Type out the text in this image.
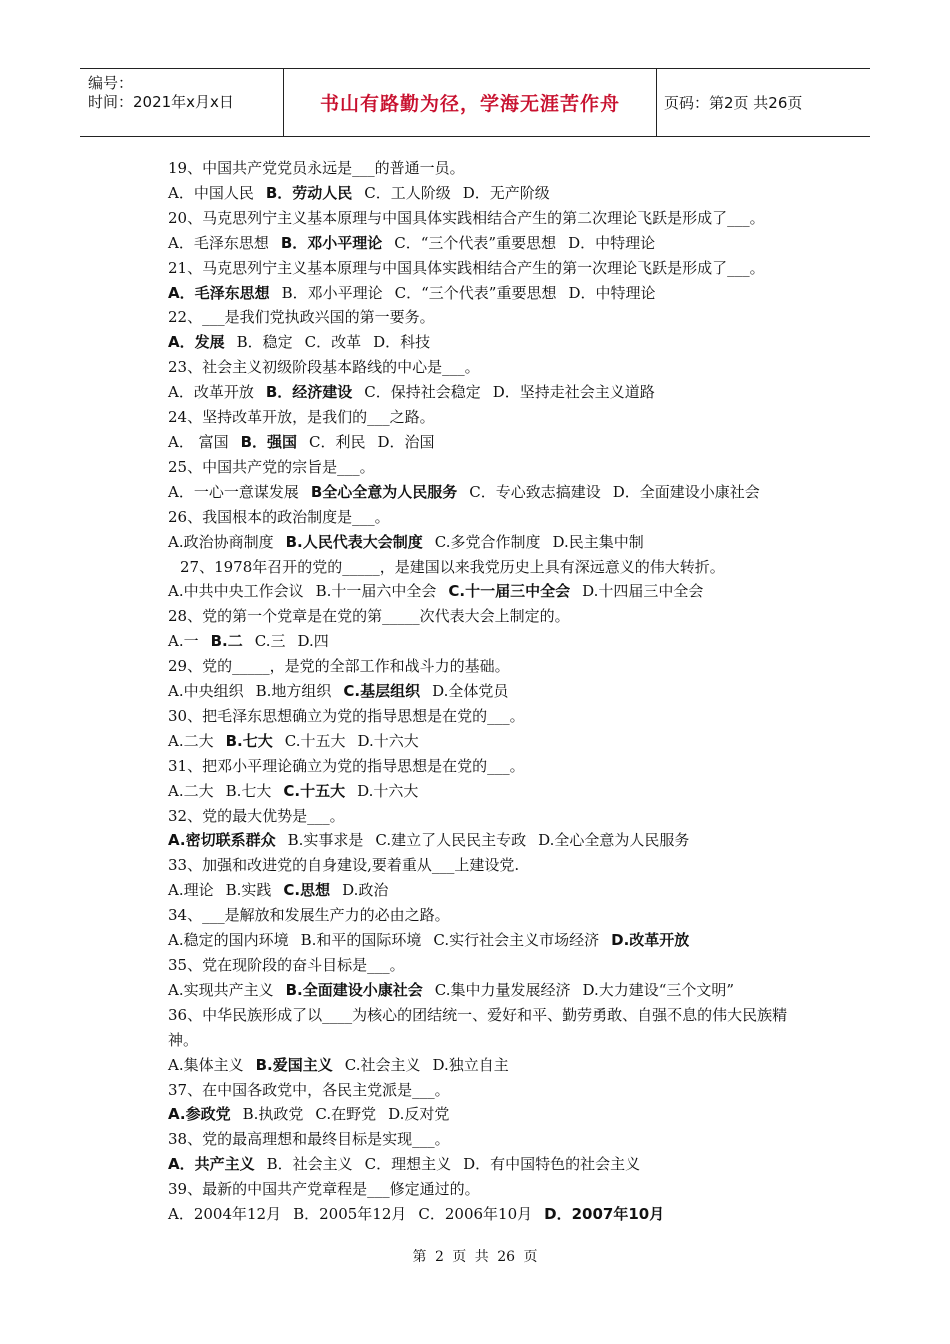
编号：
时间：2021年x月x日	书山有路勤为径，学海无涯苦作舟	页码：第2页 共26页
19、中国共产党党员永远是___的普通一员。
A．中国人民 B．劳动人民 C．工人阶级 D．无产阶级
20、马克思列宁主义基本原理与中国具体实践相结合产生的第二次理论飞跃是形成了___。
A．毛泽东思想 B．邓小平理论 C．“三个代表”重要思想 D．中特理论
21、马克思列宁主义基本原理与中国具体实践相结合产生的第一次理论飞跃是形成了___。
A．毛泽东思想 B．邓小平理论 C．“三个代表”重要思想 D．中特理论
22、___是我们党执政兴国的第一要务。
A．发展 B．稳定 C．改革 D．科技
23、社会主义初级阶段基本路线的中心是___。
A．改革开放 B．经济建设 C．保持社会稳定 D．坚持走社会主义道路
24、坚持改革开放，是我们的___之路。
A． 富国 B．强国 C．利民 D．治国
25、中国共产党的宗旨是___。
A．一心一意谋发展 B全心全意为人民服务 C．专心致志搞建设 D．全面建设小康社会
26、我国根本的政治制度是___。
A.政治协商制度 B.人民代表大会制度 C.多党合作制度 D.民主集中制
27、1978年召开的党的_____，是建国以来我党历史上具有深远意义的伟大转折。
A.中共中央工作会议 B.十一届六中全会 C.十一届三中全会 D.十四届三中全会
28、党的第一个党章是在党的第_____次代表大会上制定的。
A.一 B.二 C.三 D.四
29、党的_____，是党的全部工作和战斗力的基础。
A.中央组织 B.地方组织 C.基层组织 D.全体党员
30、把毛泽东思想确立为党的指导思想是在党的___。
A.二大 B.七大 C.十五大 D.十六大
31、把邓小平理论确立为党的指导思想是在党的___。
A.二大 B.七大 C.十五大 D.十六大
32、党的最大优势是___。
A.密切联系群众 B.实事求是 C.建立了人民民主专政 D.全心全意为人民服务
33、加强和改进党的自身建设,要着重从___上建设党.
A.理论 B.实践 C.思想 D.政治
34、___是解放和发展生产力的必由之路。
A.稳定的国内环境 B.和平的国际环境 C.实行社会主义市场经济 D.改革开放
35、党在现阶段的奋斗目标是___。
A.实现共产主义 B.全面建设小康社会 C.集中力量发展经济 D.大力建设“三个文明”
36、中华民族形成了以____为核心的团结统一、爱好和平、勤劳勇敢、自强不息的伟大民族精神。
A.集体主义 B.爱国主义 C.社会主义 D.独立自主
37、在中国各政党中，各民主党派是___。
A.参政党 B.执政党 C.在野党 D.反对党
38、党的最高理想和最终目标是实现___。
A．共产主义 B．社会主义 C．理想主义 D．有中国特色的社会主义
39、最新的中国共产党章程是___修定通过的。
A．2004年12月 B．2005年12月 C．2006年10月 D．2007年10月
第 2 页 共 26 页
